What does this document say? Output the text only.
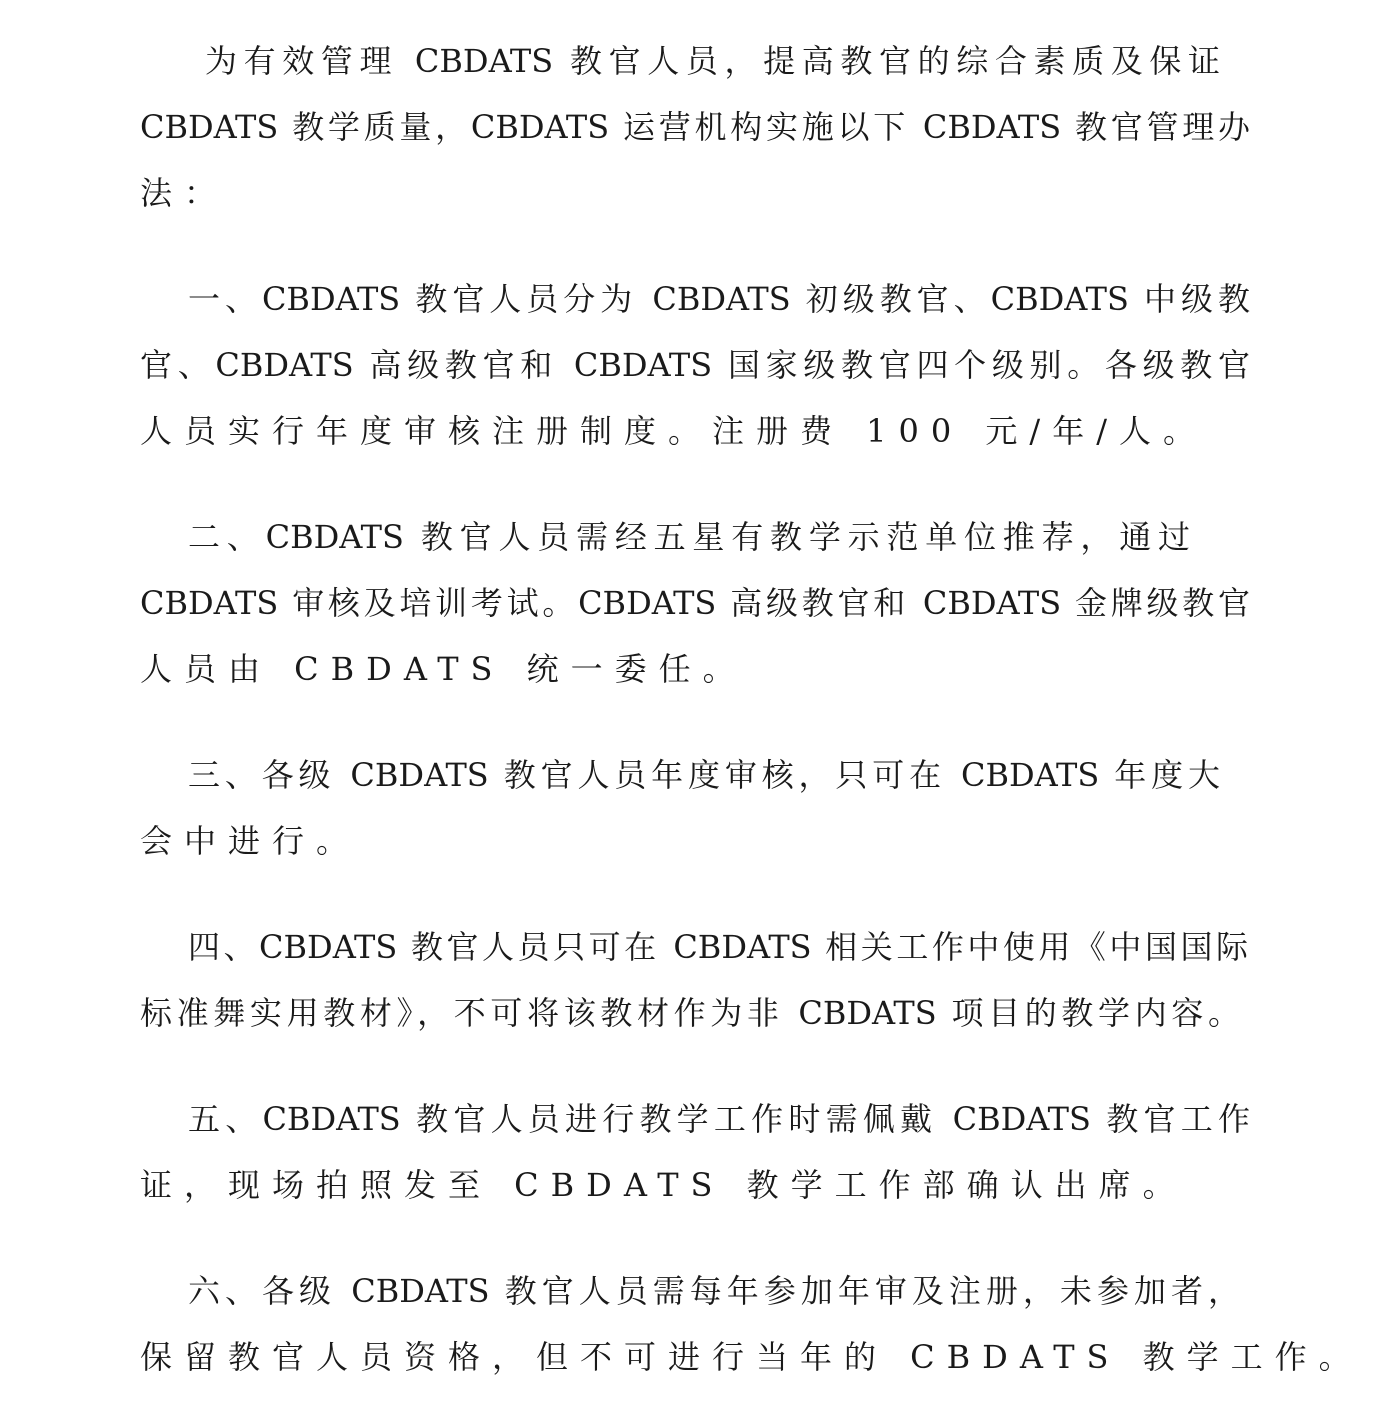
为有效管理 CBDATS 教官人员，提高教官的综合素质及保证
CBDATS 教学质量，CBDATS 运营机构实施以下 CBDATS 教官管理办
法：
一、CBDATS 教官人员分为 CBDATS 初级教官、CBDATS 中级教
官、CBDATS 高级教官和 CBDATS 国家级教官四个级别。各级教官
人员实行年度审核注册制度。注册费 100 元/年/人。
二、CBDATS 教官人员需经五星有教学示范单位推荐，通过
CBDATS 审核及培训考试。CBDATS 高级教官和 CBDATS 金牌级教官
人员由 CBDATS 统一委任。
三、各级 CBDATS 教官人员年度审核，只可在 CBDATS 年度大
会中进行。
四、CBDATS 教官人员只可在 CBDATS 相关工作中使用《中国国际
标准舞实用教材》，不可将该教材作为非 CBDATS 项目的教学内容。
五、CBDATS 教官人员进行教学工作时需佩戴 CBDATS 教官工作
证，现场拍照发至 CBDATS 教学工作部确认出席。
六、各级 CBDATS 教官人员需每年参加年审及注册，未参加者，
保留教官人员资格，但不可进行当年的 CBDATS 教学工作。
